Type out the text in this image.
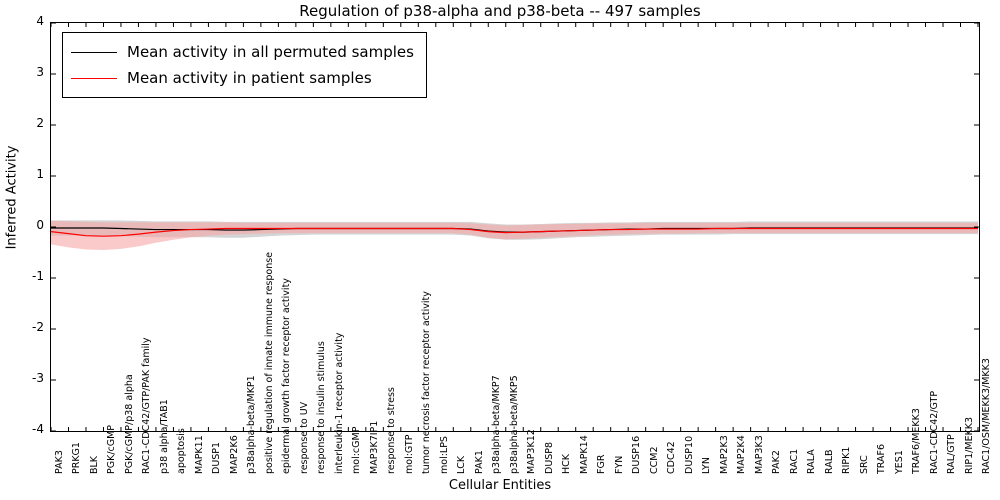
Regulation of p38-alpha and p38-beta -- 497 samples
4
3
2
1
0
-1
-2
-3
-4
PAK3 PRKG1 BLK PGK/cGMP PGK/cGMP/p38 alpha RAC1-CDC42/GTP/PAK family p38 alpha/TAB1 apoptosis MAPK11 DUSP1 MAP2K6 p38alpha-beta/MKP1 positive regulation of innate immune response epidermal growth factor receptor activity response to UV response to insulin stimulus interleukin-1 receptor activity mol:cGMP MAP3K7IP1 response to stress mol:GTP tumor necrosis factor receptor activity mol:LPS LCK PAK1 p38alpha-beta/MKP7 p38alpha-beta/MKP5 MAP3K12 DUSP8 HCK MAPK14 FGR FYN DUSP16 CCM2 CDC42 DUSP10 LYN MAP2K3 MAP2K4 MAP3K3 PAK2 RAC1 RALA RALB RIPK1 SRC TRAF6 YES1 TRAF6/MEKK3 RAC1-CDC42/GTP RAL/GTP RIP1/MEKK3 RAC1/OSM/MEKK3/MKK3
Inferred Activity
Cellular Entities
Mean activity in all permuted samples
Mean activity in patient samples
